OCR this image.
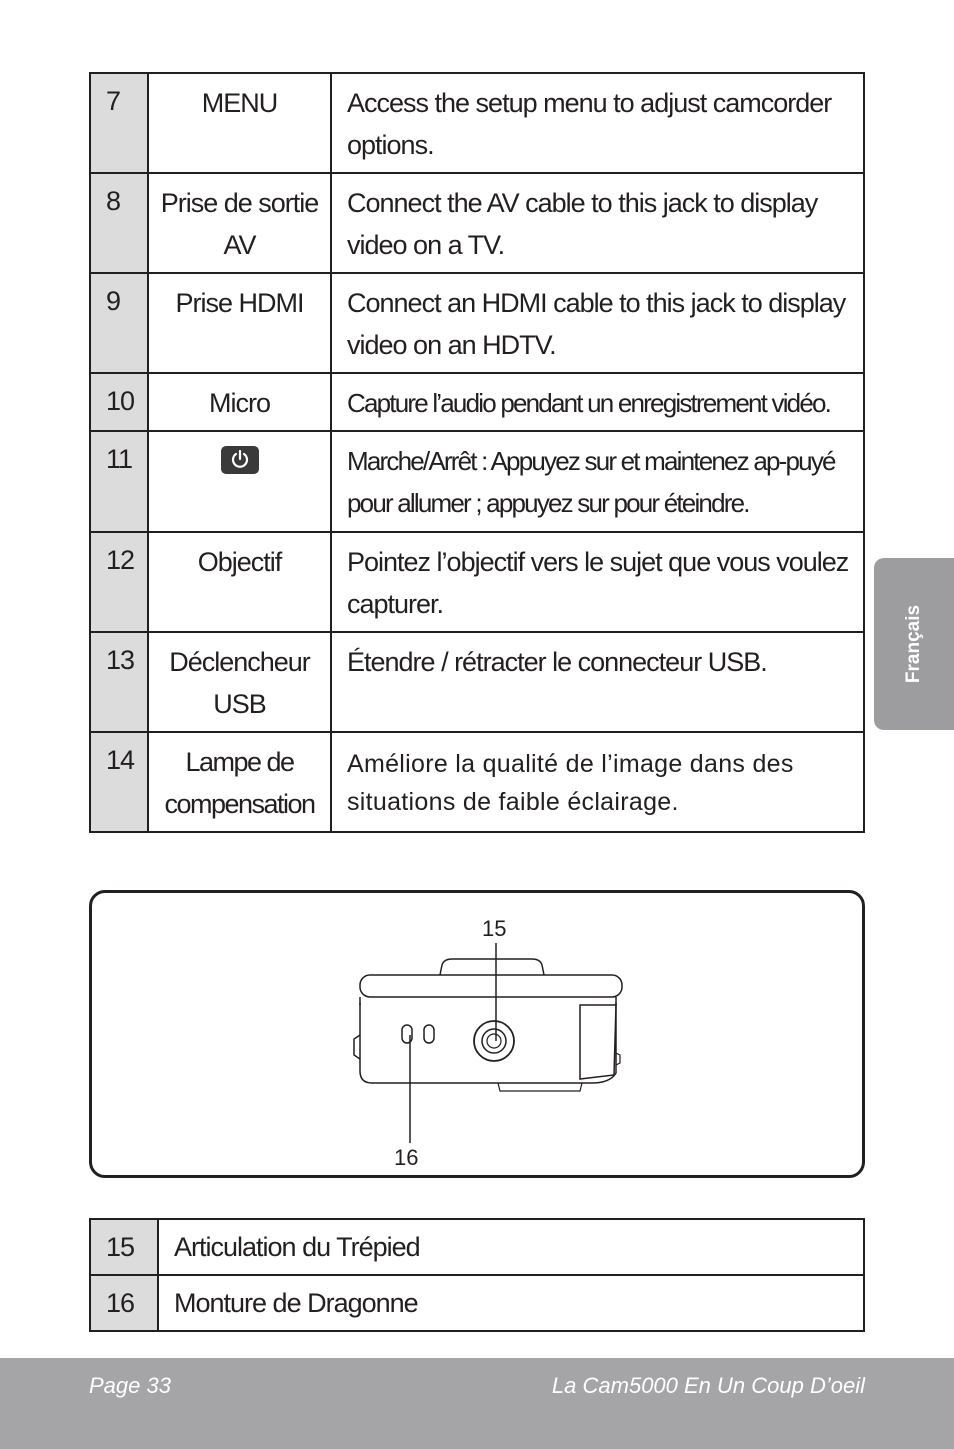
7	MENU	Access the setup menu to adjust camcorder options.
8	Prise de sortie AV	Connect the AV cable to this jack to display video on a TV.
9	Prise HDMI	Connect an HDMI cable to this jack to display video on an HDTV.
10	Micro	Capture l’audio pendant un enregistrement vidéo.
11		Marche/Arrêt : Appuyez sur et maintenez ap-puyé pour allumer ; appuyez sur pour éteindre.
12	Objectif	Pointez l’objectif vers le sujet que vous voulez capturer.
13	Déclencheur USB	Étendre / rétracter le connecteur USB.
14	Lampe de compensation	Améliore la qualité de l’image dans des situations de faible éclairage.
15
16
15	Articulation du Trépied
16	Monture de Dragonne
Français
Page 33	La Cam5000 En Un Coup D’oeil
